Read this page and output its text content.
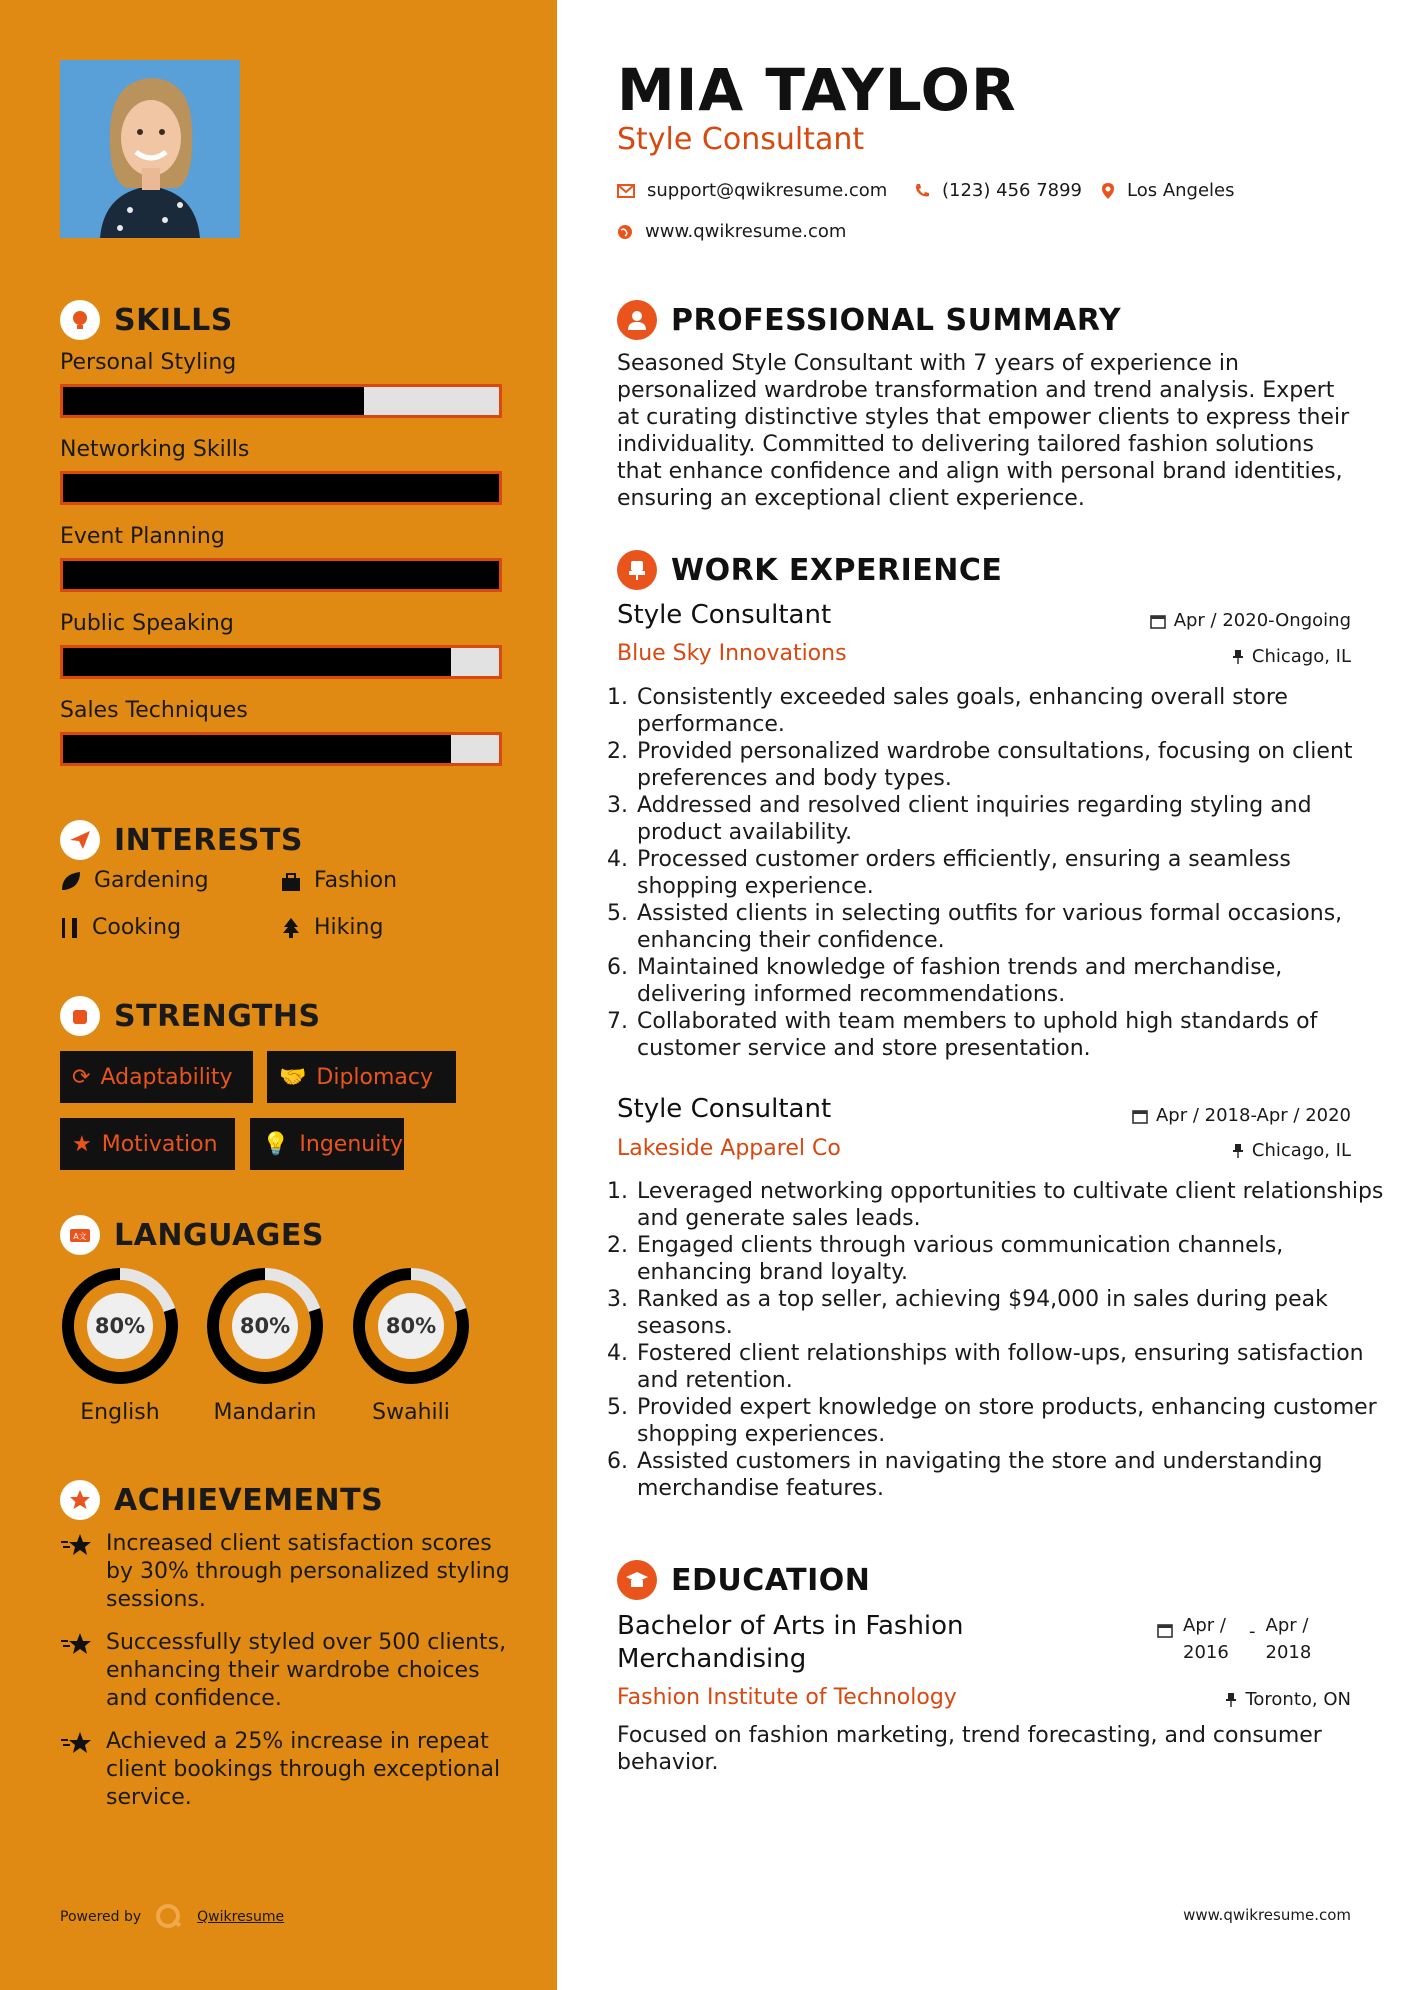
SKILLS
Personal Styling
Networking Skills
Event Planning
Public Speaking
Sales Techniques
INTERESTS
Gardening	Fashion
Cooking	Hiking
STRENGTHS
⟳ Adaptability 🤝 Diplomacy
★ Motivation 💡 Ingenuity
A文 LANGUAGES
80%
English
80%
Mandarin
80%
Swahili
ACHIEVEMENTS
Increased client satisfaction scores by 30% through personalized styling sessions.
Successfully styled over 500 clients, enhancing their wardrobe choices and confidence.
Achieved a 25% increase in repeat client bookings through exceptional service.
Powered by	Qwikresume
MIA TAYLOR
Style Consultant
support@qwikresume.com	(123) 456 7899 Los Angeles
www.qwikresume.com
PROFESSIONAL SUMMARY
Seasoned Style Consultant with 7 years of experience in personalized wardrobe transformation and trend analysis. Expert at curating distinctive styles that empower clients to express their individuality. Committed to delivering tailored fashion solutions that enhance confidence and align with personal brand identities, ensuring an exceptional client experience.
WORK EXPERIENCE
Style Consultant	Apr / 2020-Ongoing
Blue Sky Innovations	Chicago, IL
1. Consistently exceeded sales goals, enhancing overall store performance.
2. Provided personalized wardrobe consultations, focusing on client preferences and body types.
3. Addressed and resolved client inquiries regarding styling and product availability.
4. Processed customer orders efficiently, ensuring a seamless shopping experience.
5. Assisted clients in selecting outfits for various formal occasions, enhancing their confidence.
6. Maintained knowledge of fashion trends and merchandise, delivering informed recommendations.
7. Collaborated with team members to uphold high standards of customer service and store presentation.
Style Consultant	Apr / 2018-Apr / 2020
Lakeside Apparel Co	Chicago, IL
1. Leveraged networking opportunities to cultivate client relationships and generate sales leads.
2. Engaged clients through various communication channels, enhancing brand loyalty.
3. Ranked as a top seller, achieving $94,000 in sales during peak seasons.
4. Fostered client relationships with follow-ups, ensuring satisfaction and retention.
5. Provided expert knowledge on store products, enhancing customer shopping experiences.
6. Assisted customers in navigating the store and understanding merchandise features.
EDUCATION
Bachelor of Arts in Fashion Merchandising
Apr / 2016
- Apr / 2018
Fashion Institute of Technology	Toronto, ON
Focused on fashion marketing, trend forecasting, and consumer behavior.
www.qwikresume.com
